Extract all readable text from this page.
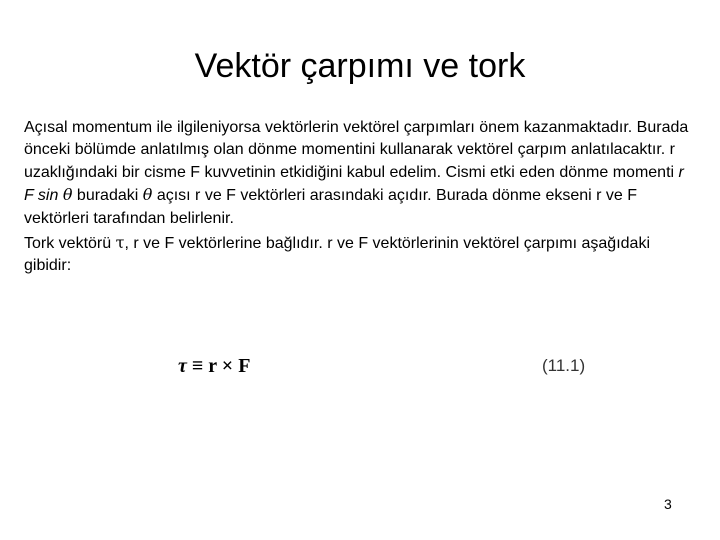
Vektör çarpımı ve tork

Açısal momentum ile ilgileniyorsa vektörlerin vektörel çarpımları önem kazanmaktadır. Burada önceki bölümde anlatılmış olan dönme momentini kullanarak vektörel çarpım anlatılacaktır. r uzaklığındaki bir cisme F kuvvetinin etkidiğini kabul edelim. Cismi etki eden dönme momenti r F sin θ buradaki θ açısı r ve F vektörleri arasındaki açıdır. Burada dönme ekseni r ve F vektörleri tarafından belirlenir.

Tork vektörü τ, r ve F vektörlerine bağlıdır. r ve F vektörlerinin vektörel çarpımı aşağıdaki gibidir:

τ ≡ r × F	(11.1)
3
